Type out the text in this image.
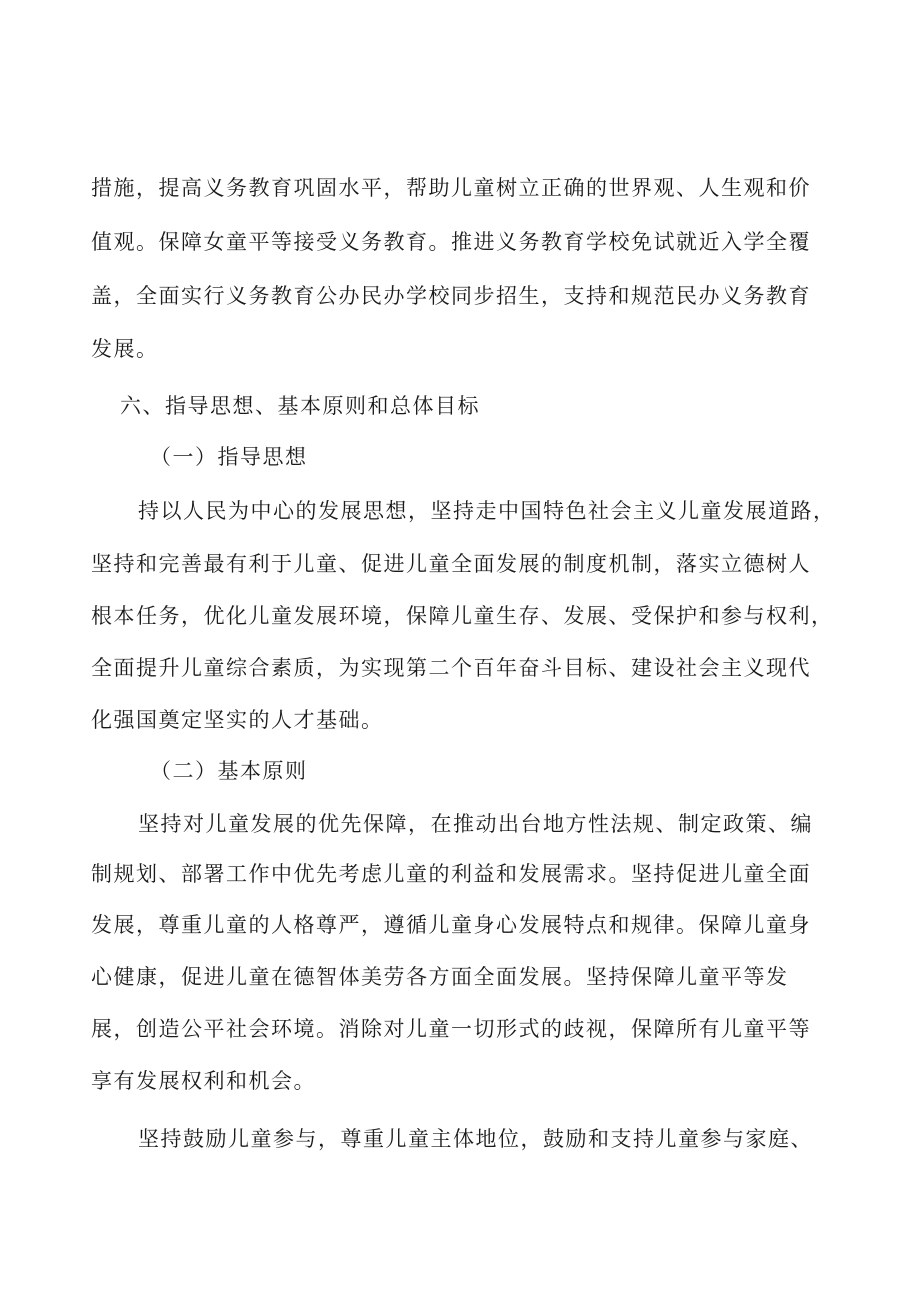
措施，提高义务教育巩固水平，帮助儿童树立正确的世界观、人生观和价

值观。保障女童平等接受义务教育。推进义务教育学校免试就近入学全覆

盖，全面实行义务教育公办民办学校同步招生，支持和规范民办义务教育

发展。

六、指导思想、基本原则和总体目标

（一）指导思想

持以人民为中心的发展思想，坚持走中国特色社会主义儿童发展道路，

坚持和完善最有利于儿童、促进儿童全面发展的制度机制，落实立德树人

根本任务，优化儿童发展环境，保障儿童生存、发展、受保护和参与权利，

全面提升儿童综合素质，为实现第二个百年奋斗目标、建设社会主义现代

化强国奠定坚实的人才基础。

（二）基本原则

坚持对儿童发展的优先保障，在推动出台地方性法规、制定政策、编

制规划、部署工作中优先考虑儿童的利益和发展需求。坚持促进儿童全面

发展，尊重儿童的人格尊严，遵循儿童身心发展特点和规律。保障儿童身

心健康，促进儿童在德智体美劳各方面全面发展。坚持保障儿童平等发

展，创造公平社会环境。消除对儿童一切形式的歧视，保障所有儿童平等

享有发展权利和机会。

坚持鼓励儿童参与，尊重儿童主体地位，鼓励和支持儿童参与家庭、
